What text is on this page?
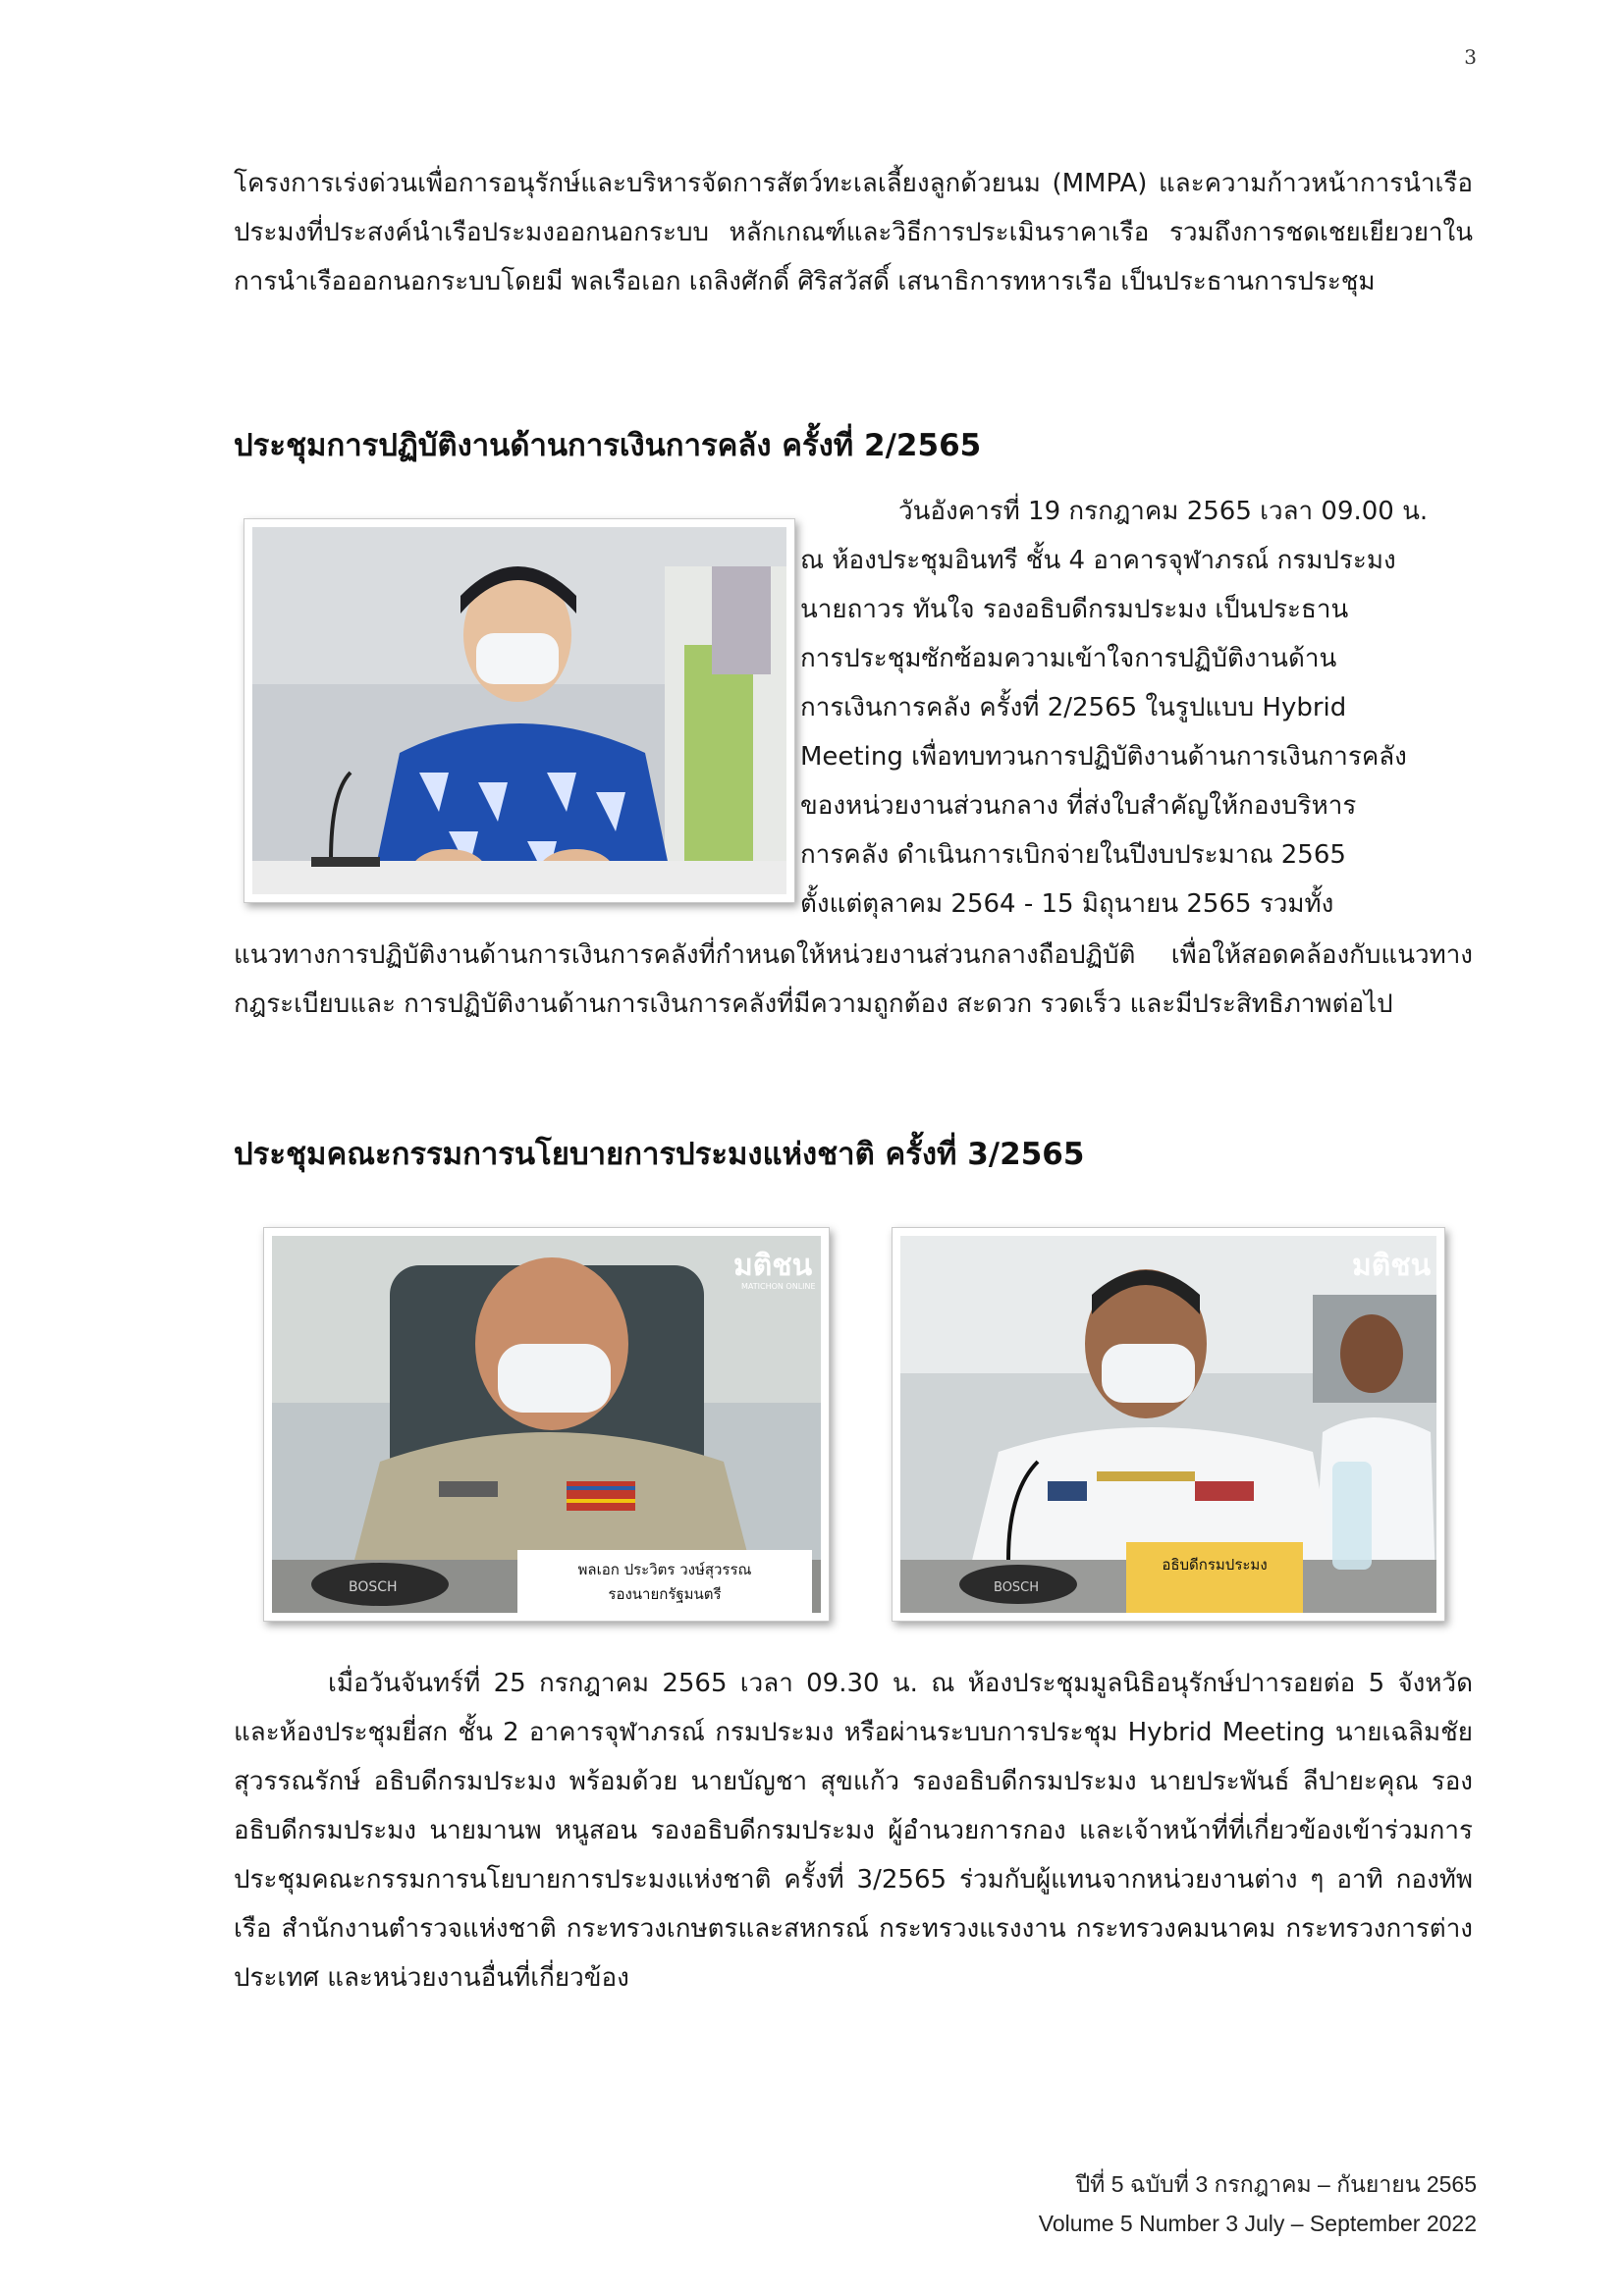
3

โครงการเร่งด่วนเพื่อการอนุรักษ์และบริหารจัดการสัตว์ทะเลเลี้ยงลูกด้วยนม (MMPA) และความก้าวหน้าการนำเรือประมงที่ประสงค์นำเรือประมงออกนอกระบบ หลักเกณฑ์และวิธีการประเมินราคาเรือ รวมถึงการชดเชยเยียวยาในการนำเรือออกนอกระบบโดยมี พลเรือเอก เถลิงศักดิ์ ศิริสวัสดิ์ เสนาธิการทหารเรือ เป็นประธานการประชุม

ประชุมการปฏิบัติงานด้านการเงินการคลัง ครั้งที่ 2/2565

วันอังคารที่ 19 กรกฎาคม 2565 เวลา 09.00 น.

ณ ห้องประชุมอินทรี ชั้น 4 อาคารจุฬาภรณ์ กรมประมง

นายถาวร ทันใจ รองอธิบดีกรมประมง เป็นประธาน

การประชุมซักซ้อมความเข้าใจการปฏิบัติงานด้าน

การเงินการคลัง ครั้งที่ 2/2565 ในรูปแบบ Hybrid

Meeting เพื่อทบทวนการปฏิบัติงานด้านการเงินการคลัง

ของหน่วยงานส่วนกลาง ที่ส่งใบสำคัญให้กองบริหาร

การคลัง ดำเนินการเบิกจ่ายในปีงบประมาณ 2565

ตั้งแต่ตุลาคม 2564 - 15 มิถุนายน 2565 รวมทั้ง

แนวทางการปฏิบัติงานด้านการเงินการคลังที่กำหนดให้หน่วยงานส่วนกลางถือปฏิบัติ เพื่อให้สอดคล้องกับแนวทางกฎระเบียบและ การปฏิบัติงานด้านการเงินการคลังที่มีความถูกต้อง สะดวก รวดเร็ว และมีประสิทธิภาพต่อไป

ประชุมคณะกรรมการนโยบายการประมงแห่งชาติ ครั้งที่ 3/2565
BOSCH
พลเอก ประวิตร วงษ์สุวรรณ
รองนายกรัฐมนตรี
มติชน
MATICHON ONLINE
BOSCH
อธิบดีกรมประมง
มติชน

เมื่อวันจันทร์ที่ 25 กรกฎาคม 2565 เวลา 09.30 น. ณ ห้องประชุมมูลนิธิอนุรักษ์ปาารอยต่อ 5 จังหวัด และห้องประชุมยี่สก ชั้น 2 อาคารจุฬาภรณ์ กรมประมง หรือผ่านระบบการประชุม Hybrid Meeting นายเฉลิมชัย สุวรรณรักษ์ อธิบดีกรมประมง พร้อมด้วย นายบัญชา สุขแก้ว รองอธิบดีกรมประมง นายประพันธ์ ลีปายะคุณ รองอธิบดีกรมประมง นายมานพ หนูสอน รองอธิบดีกรมประมง ผู้อำนวยการกอง และเจ้าหน้าที่ที่เกี่ยวข้องเข้าร่วมการประชุมคณะกรรมการนโยบายการประมงแห่งชาติ ครั้งที่ 3/2565 ร่วมกับผู้แทนจากหน่วยงานต่าง ๆ อาทิ กองทัพเรือ สำนักงานตำรวจแห่งชาติ กระทรวงเกษตรและสหกรณ์ กระทรวงแรงงาน กระทรวงคมนาคม กระทรวงการต่างประเทศ และหน่วยงานอื่นที่เกี่ยวข้อง

ปีที่ 5 ฉบับที่ 3 กรกฎาคม – กันยายน 2565
Volume 5 Number 3 July – September 2022
